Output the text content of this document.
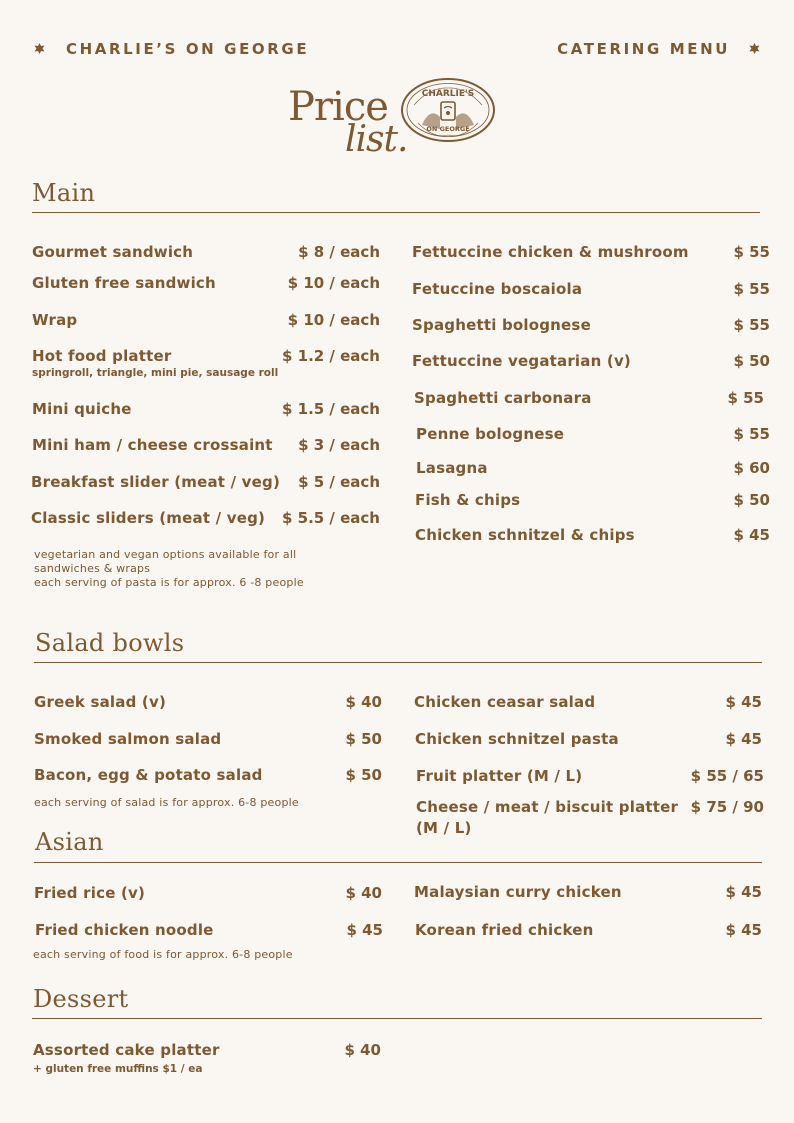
CHARLIE’S ON GEORGE	CATERING MENU
Price
list.
CHARLIE'S
ON GEORGE
Main
Gourmet sandwich	$ 8 / each
Gluten free sandwich	$ 10 / each
Wrap	$ 10 / each
Hot food platter	$ 1.2 / each
springroll, triangle, mini pie, sausage roll
Mini quiche	$ 1.5 / each
Mini ham / cheese crossaint $ 3 / each
Breakfast slider (meat / veg) $ 5 / each
Classic sliders (meat / veg) $ 5.5 / each
Fettuccine chicken & mushroom	$ 55
Fetuccine boscaiola	$ 55
Spaghetti bolognese	$ 55
Fettuccine vegatarian (v)	$ 50
Spaghetti carbonara	$ 55
Penne bolognese	$ 55
Lasagna	$ 60
Fish & chips	$ 50
Chicken schnitzel & chips	$ 45
vegetarian and vegan options available for all
sandwiches & wraps
each serving of pasta is for approx. 6 -8 people
Salad bowls
Greek salad (v)	$ 40
Smoked salmon salad	$ 50
Bacon, egg & potato salad	$ 50
each serving of salad is for approx. 6-8 people
Chicken ceasar salad	$ 45
Chicken schnitzel pasta	$ 45
Fruit platter (M / L)	$ 55 / 65
Cheese / meat / biscuit platter
(M / L)
$ 75 / 90
Asian
Fried rice (v)	$ 40
Fried chicken noodle	$ 45
each serving of food is for approx. 6-8 people
Malaysian curry chicken	$ 45
Korean fried chicken	$ 45
Dessert
Assorted cake platter	$ 40
+ gluten free muffins $1 / ea
